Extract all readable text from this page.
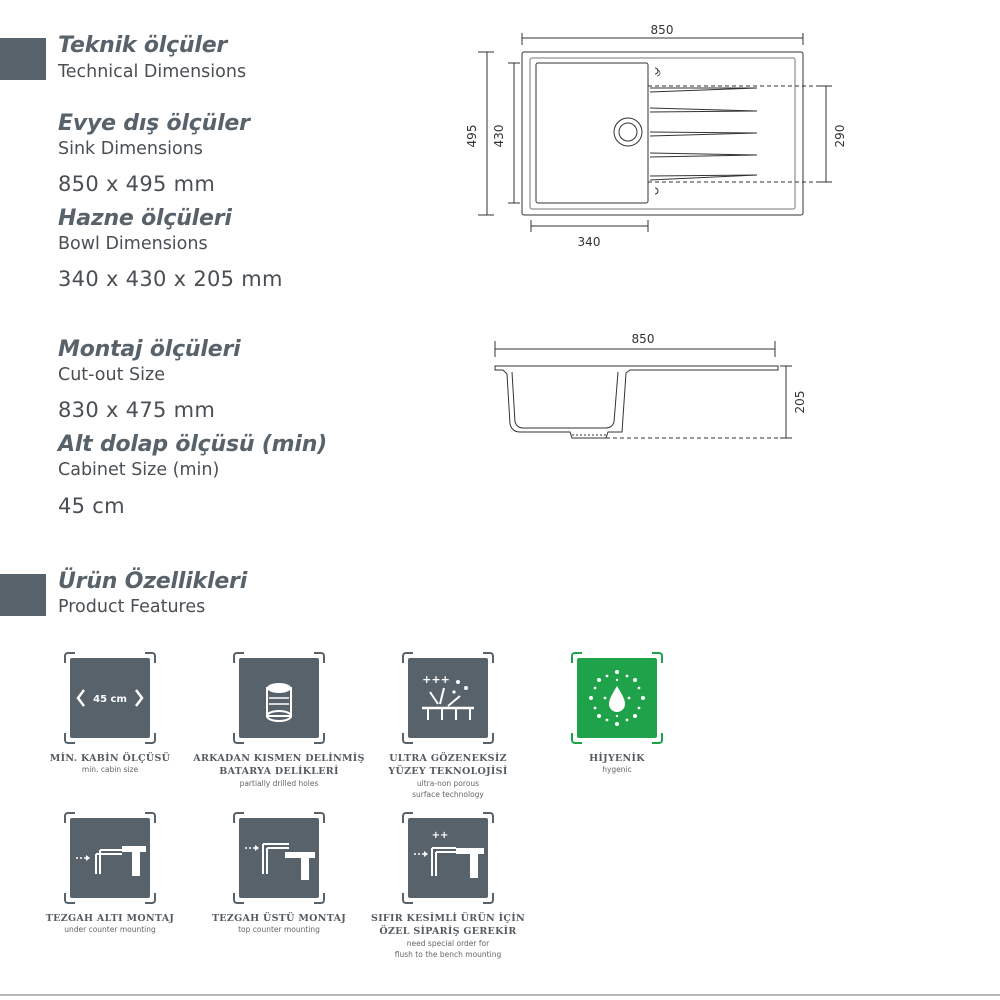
Teknik ölçüler
Technical Dimensions
Evye dış ölçüler
Sink Dimensions
850 x 495 mm
Hazne ölçüleri
Bowl Dimensions
340 x 430 x 205 mm
Montaj ölçüleri
Cut-out Size
830 x 475 mm
Alt dolap ölçüsü (min)
Cabinet Size (min)
45 cm
850
495 430	290
340
850
205
Ürün Özellikleri
Product Features
45 cm
MİN. KABİN ÖLÇÜSÜ
min. cabin size
ARKADAN KISMEN DELİNMİŞ
BATARYA DELİKLERİ
partially drilled holes
+++
ULTRA GÖZENEKSİZ
YÜZEY TEKNOLOJİSİ
ultra-non porous
surface technology
HİJYENİK
hygenic
TEZGAH ALTI MONTAJ
under counter mounting
TEZGAH ÜSTÜ MONTAJ
top counter mounting
++
SIFIR KESİMLİ ÜRÜN İÇİN
ÖZEL SİPARİŞ GEREKİR
need special order for
flush to the bench mounting
